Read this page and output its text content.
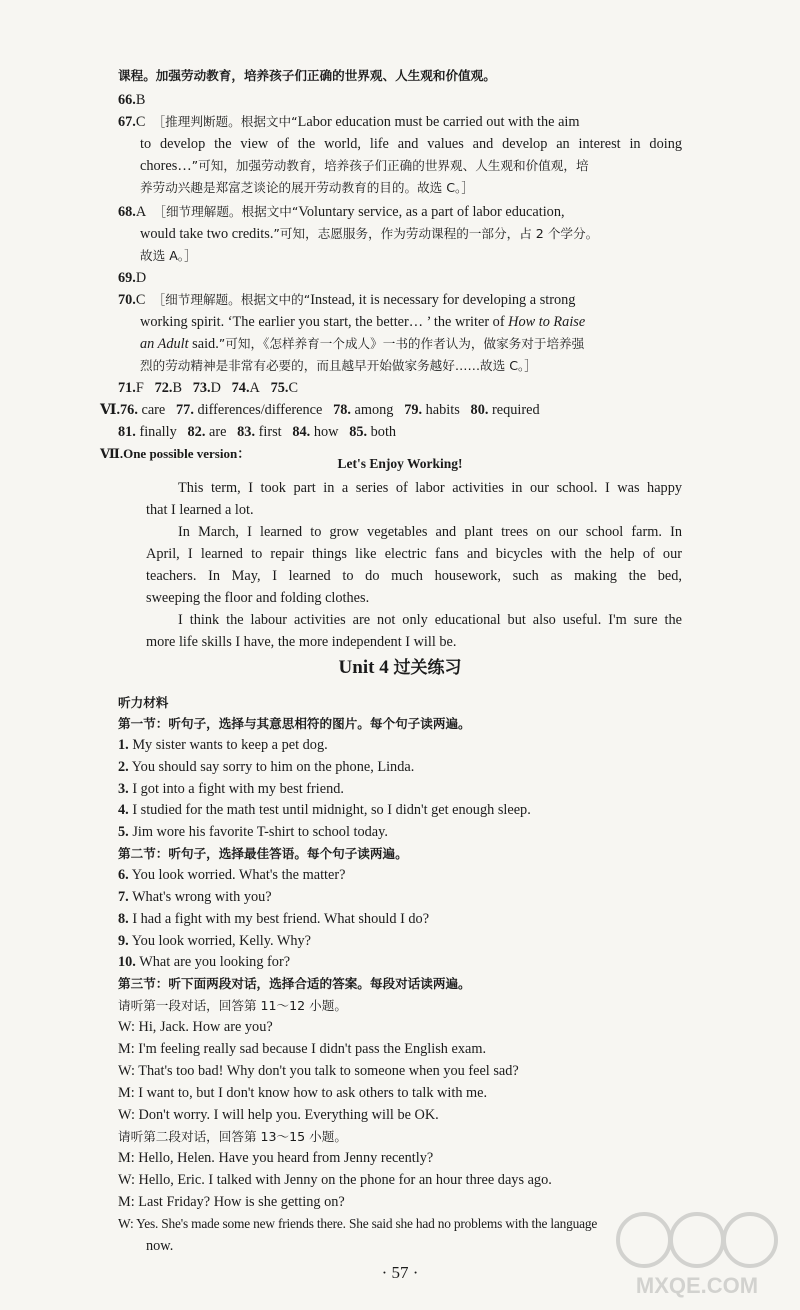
课程。加强劳动教育，培养孩子们正确的世界观、人生观和价值观。
66.B
67.C ［推理判断题。根据文中“Labor education must be carried out with the aim
to develop the view of the world, life and values and develop an interest in doing
chores…”可知，加强劳动教育，培养孩子们正确的世界观、人生观和价值观，培
养劳动兴趣是郑富芝谈论的展开劳动教育的目的。故选 C。］
68.A ［细节理解题。根据文中“Voluntary service, as a part of labor education,
would take two credits.”可知，志愿服务，作为劳动课程的一部分，占 2 个学分。
故选 A。］
69.D
70.C ［细节理解题。根据文中的“Instead, it is necessary for developing a strong
working spirit. ‘The earlier you start, the better… ’ the writer of How to Raise
an Adult said.”可知，《怎样养育一个成人》一书的作者认为，做家务对于培养强
烈的劳动精神是非常有必要的，而且越早开始做家务越好……故选 C。］
71.F 72.B 73.D 74.A 75.C
Ⅵ.76. care 77. differences/difference 78. among 79. habits 80. required
81. finally 82. are 83. first 84. how 85. both
Ⅶ.One possible version：
Let's Enjoy Working!
This term, I took part in a series of labor activities in our school. I was happy
that I learned a lot.
In March, I learned to grow vegetables and plant trees on our school farm. In
April, I learned to repair things like electric fans and bicycles with the help of our
teachers. In May, I learned to do much housework, such as making the bed,
sweeping the floor and folding clothes.
I think the labour activities are not only educational but also useful. I'm sure the
more life skills I have, the more independent I will be.
Unit 4 过关练习
听力材料
第一节：听句子，选择与其意思相符的图片。每个句子读两遍。
1. My sister wants to keep a pet dog.
2. You should say sorry to him on the phone, Linda.
3. I got into a fight with my best friend.
4. I studied for the math test until midnight, so I didn't get enough sleep.
5. Jim wore his favorite T-shirt to school today.
第二节：听句子，选择最佳答语。每个句子读两遍。
6. You look worried. What's the matter?
7. What's wrong with you?
8. I had a fight with my best friend. What should I do?
9. You look worried, Kelly. Why?
10. What are you looking for?
第三节：听下面两段对话，选择合适的答案。每段对话读两遍。
请听第一段对话，回答第 11～12 小题。
W: Hi, Jack. How are you?
M: I'm feeling really sad because I didn't pass the English exam.
W: That's too bad! Why don't you talk to someone when you feel sad?
M: I want to, but I don't know how to ask others to talk with me.
W: Don't worry. I will help you. Everything will be OK.
请听第二段对话，回答第 13～15 小题。
M: Hello, Helen. Have you heard from Jenny recently?
W: Hello, Eric. I talked with Jenny on the phone for an hour three days ago.
M: Last Friday? How is she getting on?
W: Yes. She's made some new friends there. She said she had no problems with the language
now.
· 57 ·
MXQE.COM
